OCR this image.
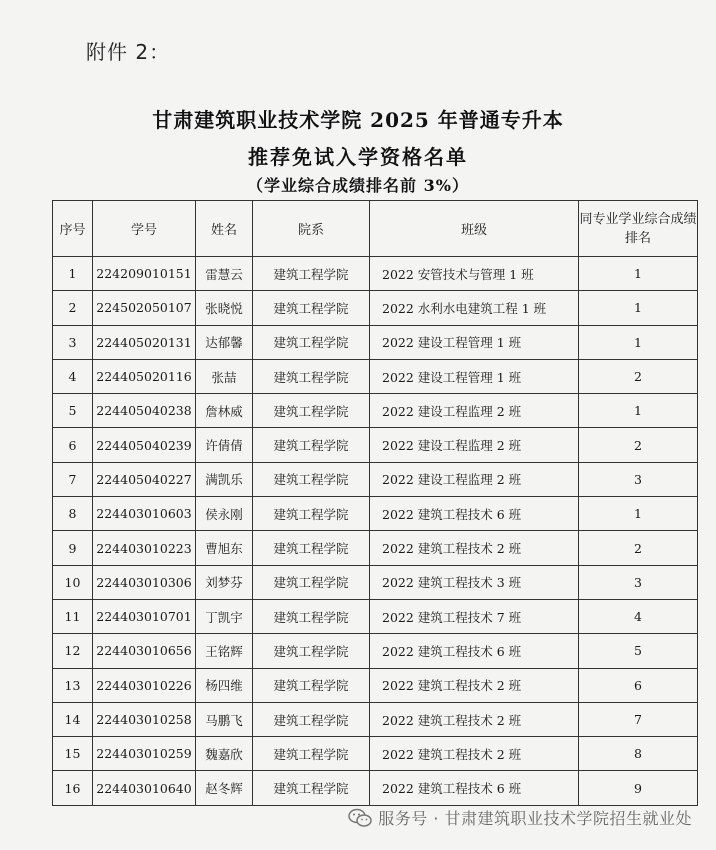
附件 2：
甘肃建筑职业技术学院 2025 年普通专升本
推荐免试入学资格名单
（学业综合成绩排名前 3%）
序号	学号	姓名	院系	班级	同专业学业综合成绩排名
1	224209010151	雷慧云	建筑工程学院	2022 安管技术与管理 1 班	1
2	224502050107	张晓悦	建筑工程学院	2022 水利水电建筑工程 1 班	1
3	224405020131	达郁馨	建筑工程学院	2022 建设工程管理 1 班	1
4	224405020116	张喆	建筑工程学院	2022 建设工程管理 1 班	2
5	224405040238	詹林威	建筑工程学院	2022 建设工程监理 2 班	1
6	224405040239	许倩倩	建筑工程学院	2022 建设工程监理 2 班	2
7	224405040227	满凯乐	建筑工程学院	2022 建设工程监理 2 班	3
8	224403010603	侯永刚	建筑工程学院	2022 建筑工程技术 6 班	1
9	224403010223	曹旭东	建筑工程学院	2022 建筑工程技术 2 班	2
10	224403010306	刘梦芬	建筑工程学院	2022 建筑工程技术 3 班	3
11	224403010701	丁凯宇	建筑工程学院	2022 建筑工程技术 7 班	4
12	224403010656	王铭辉	建筑工程学院	2022 建筑工程技术 6 班	5
13	224403010226	杨四维	建筑工程学院	2022 建筑工程技术 2 班	6
14	224403010258	马鹏飞	建筑工程学院	2022 建筑工程技术 2 班	7
15	224403010259	魏嘉欣	建筑工程学院	2022 建筑工程技术 2 班	8
16	224403010640	赵冬辉	建筑工程学院	2022 建筑工程技术 6 班	9
服务号 · 甘肃建筑职业技术学院招生就业处
